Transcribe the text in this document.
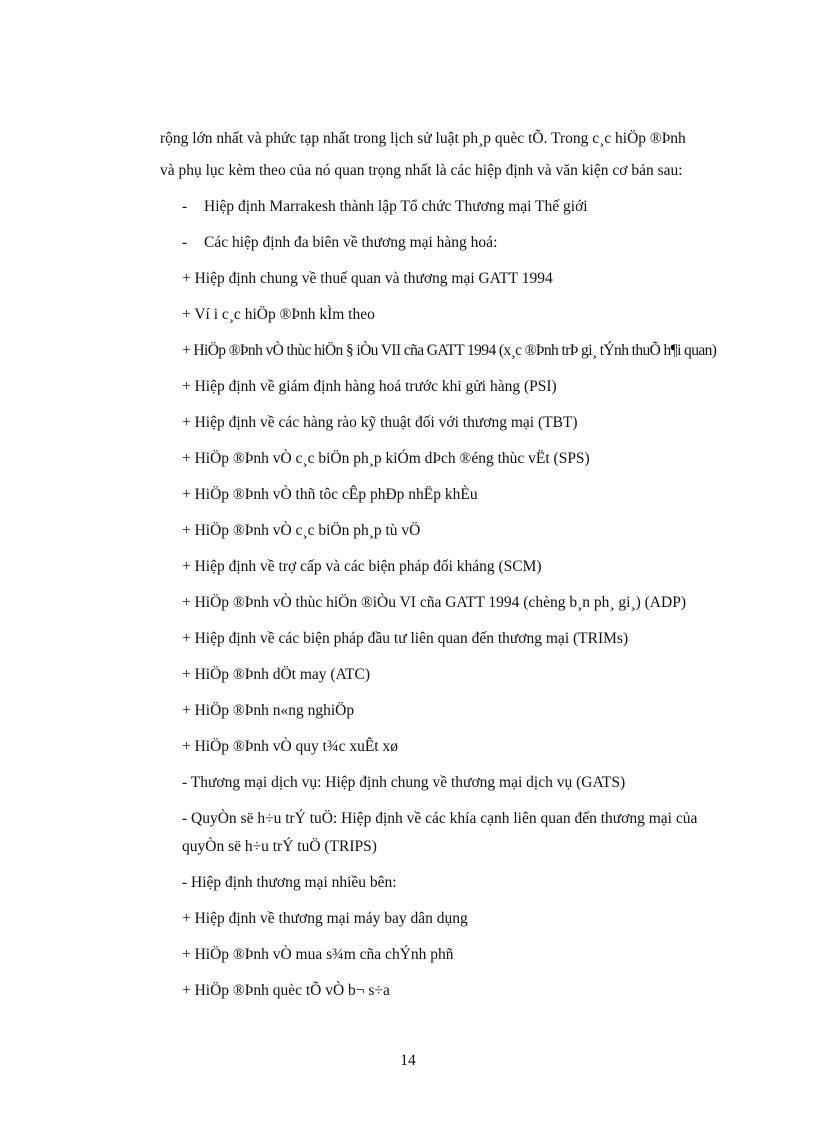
rộng lớn nhất và phức tạp nhất trong lịch sử luật ph¸p quèc tÕ. Trong c¸c hiÖp ®Þnh

và phụ lục kèm theo của nó quan trọng nhất là các hiệp định và văn kiện cơ bản sau:

-	Hiệp định Marrakesh thành lập Tổ chức Thương mại Thế giới

-	Các hiệp định đa biên về thương mại hàng hoá:

+ Hiệp định chung về thuế quan và thương mại GATT 1994

+ Ví i c¸c hiÖp ®Þnh kÌm theo

+ HiÖp ®Þnh vÒ thùc hiÖn § iÒu VII cña GATT 1994 (x¸c ®Þnh trÞ gi¸ tÝnh thuÕ h¶i quan)

+ Hiệp định về giám định hàng hoá trước khi gửi hàng (PSI)

+ Hiệp định về các hàng rào kỹ thuật đối với thương mại (TBT)

+ HiÖp ®Þnh vÒ c¸c biÖn ph¸p kiÓm dÞch ®éng thùc vËt (SPS)

+ HiÖp ®Þnh vÒ thñ tôc cÊp phÐp nhËp khÈu

+ HiÖp ®Þnh vÒ c¸c biÖn ph¸p tù vÖ

+ Hiệp định về trợ cấp và các biện pháp đối kháng (SCM)

+ HiÖp ®Þnh vÒ thùc hiÖn ®iÒu VI cña GATT 1994 (chèng b¸n ph¸ gi¸) (ADP)

+ Hiệp định về các biện pháp đầu tư liên quan đến thương mại (TRIMs)

+ HiÖp ®Þnh dÖt may (ATC)

+ HiÖp ®Þnh n«ng nghiÖp

+ HiÖp ®Þnh vÒ quy t¾c xuÊt xø

- Thương mại dịch vụ: Hiệp định chung về thương mại dịch vụ (GATS)

- QuyÒn së h÷u trÝ tuÖ: Hiệp định về các khía cạnh liên quan đến thương mại của

quyÒn së h÷u trÝ tuÖ (TRIPS)

- Hiệp định thương mại nhiều bên:

+ Hiệp định về thương mại máy bay dân dụng

+ HiÖp ®Þnh vÒ mua s¾m cña chÝnh phñ

+ HiÖp ®Þnh quèc tÕ vÒ b¬ s÷a

14
